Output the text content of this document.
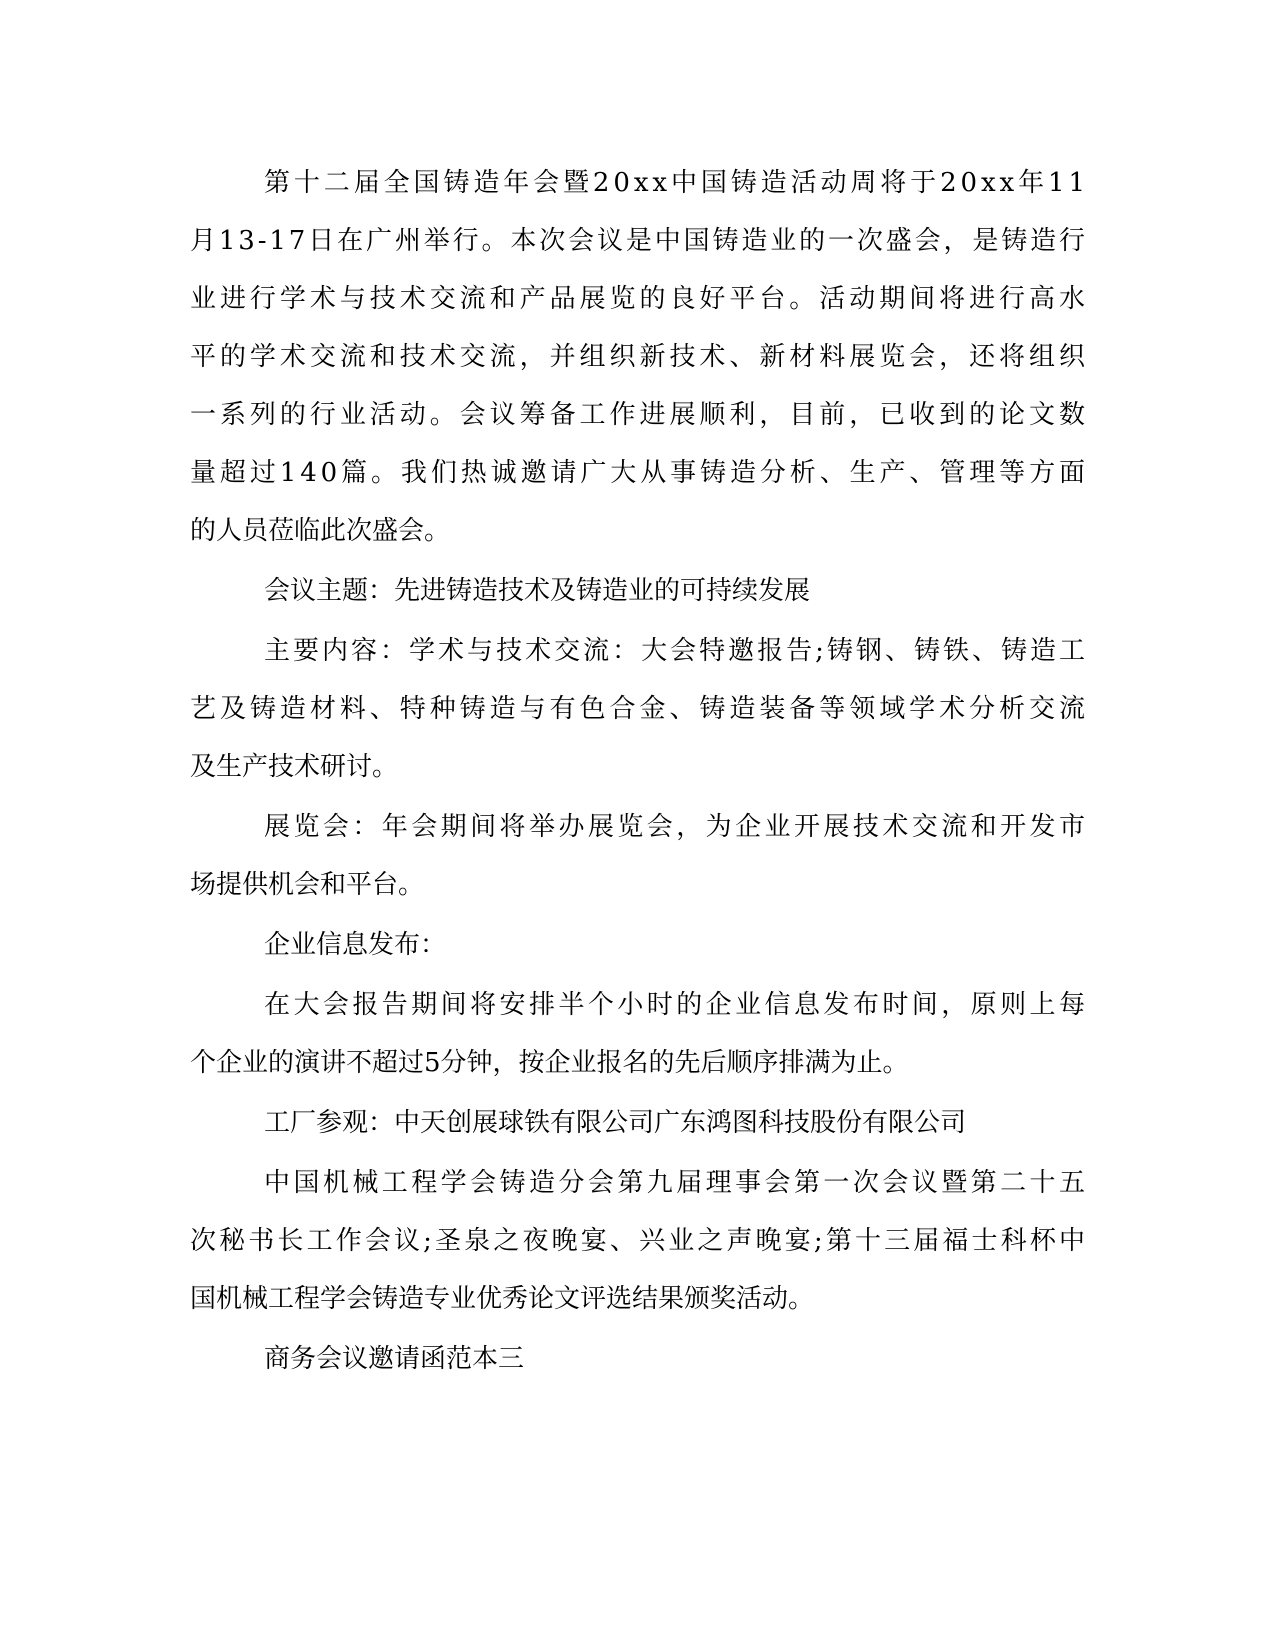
第十二届全国铸造年会暨20xx中国铸造活动周将于20xx年11
月13-17日在广州举行。本次会议是中国铸造业的一次盛会，是铸造行
业进行学术与技术交流和产品展览的良好平台。活动期间将进行高水
平的学术交流和技术交流，并组织新技术、新材料展览会，还将组织
一系列的行业活动。会议筹备工作进展顺利，目前，已收到的论文数
量超过140篇。我们热诚邀请广大从事铸造分析、生产、管理等方面
的人员莅临此次盛会。
会议主题：先进铸造技术及铸造业的可持续发展
主要内容：学术与技术交流：大会特邀报告;铸钢、铸铁、铸造工
艺及铸造材料、特种铸造与有色合金、铸造装备等领域学术分析交流
及生产技术研讨。
展览会：年会期间将举办展览会，为企业开展技术交流和开发市
场提供机会和平台。
企业信息发布：
在大会报告期间将安排半个小时的企业信息发布时间，原则上每
个企业的演讲不超过5分钟，按企业报名的先后顺序排满为止。
工厂参观：中天创展球铁有限公司广东鸿图科技股份有限公司
中国机械工程学会铸造分会第九届理事会第一次会议暨第二十五
次秘书长工作会议;圣泉之夜晚宴、兴业之声晚宴;第十三届福士科杯中
国机械工程学会铸造专业优秀论文评选结果颁奖活动。
商务会议邀请函范本三
